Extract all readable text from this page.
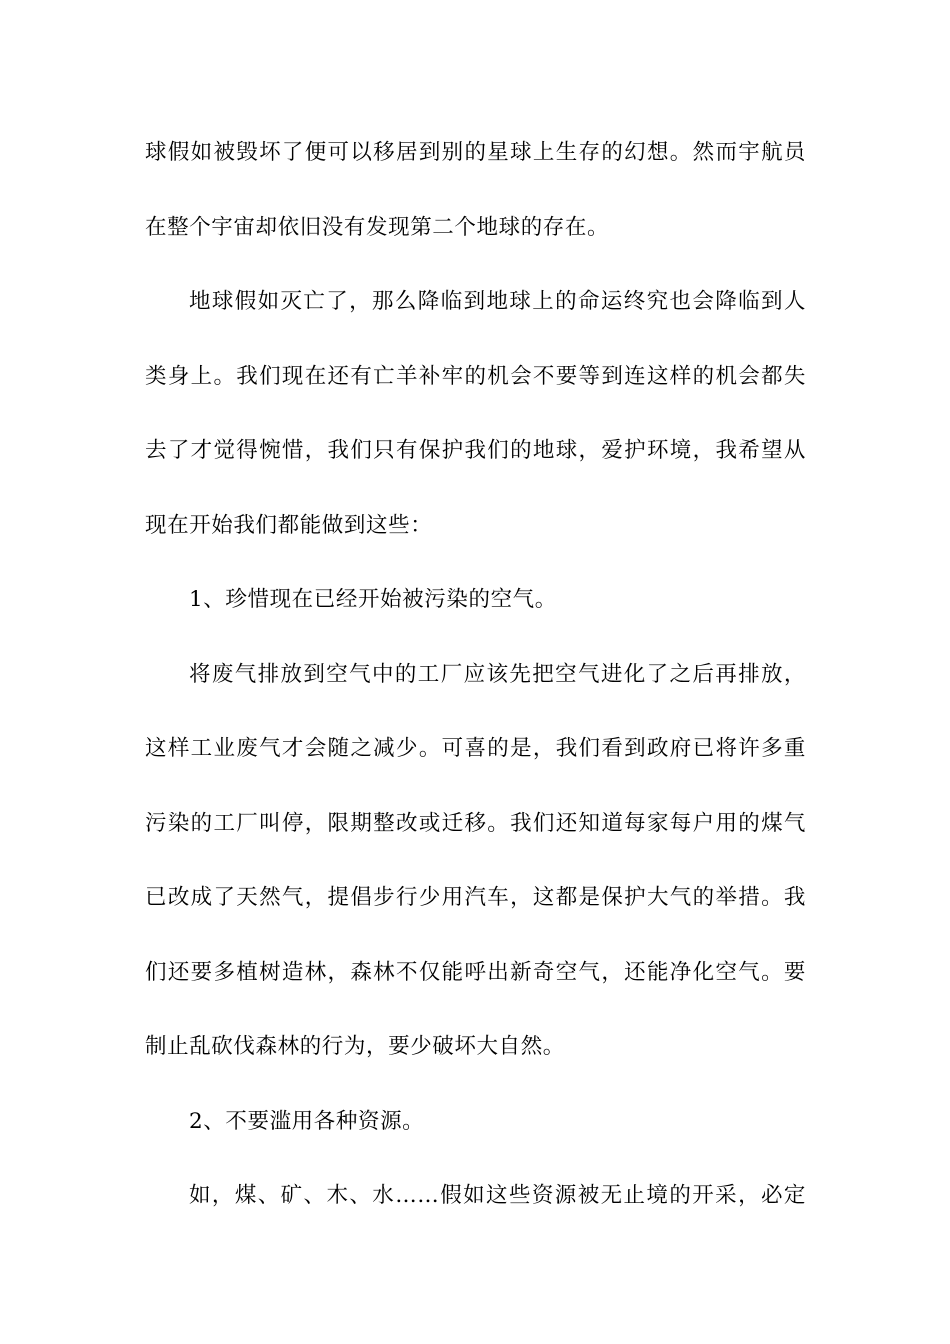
球假如被毁坏了便可以移居到别的星球上生存的幻想。然而宇航员
在整个宇宙却依旧没有发现第二个地球的存在。
地球假如灭亡了，那么降临到地球上的命运终究也会降临到人
类身上。我们现在还有亡羊补牢的机会不要等到连这样的机会都失
去了才觉得惋惜，我们只有保护我们的地球，爱护环境，我希望从
现在开始我们都能做到这些：
1、珍惜现在已经开始被污染的空气。
将废气排放到空气中的工厂应该先把空气进化了之后再排放，
这样工业废气才会随之减少。可喜的是，我们看到政府已将许多重
污染的工厂叫停，限期整改或迁移。我们还知道每家每户用的煤气
已改成了天然气，提倡步行少用汽车，这都是保护大气的举措。我
们还要多植树造林，森林不仅能呼出新奇空气，还能净化空气。要
制止乱砍伐森林的行为，要少破坏大自然。
2、不要滥用各种资源。
如，煤、矿、木、水……假如这些资源被无止境的开采，必定
